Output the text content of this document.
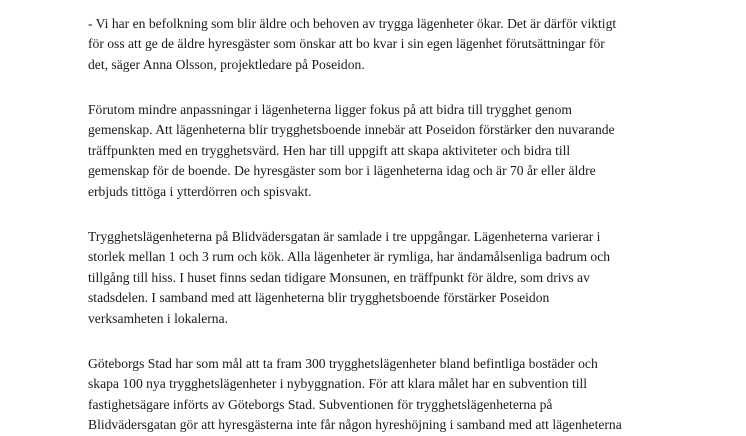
- Vi har en befolkning som blir äldre och behoven av trygga lägenheter ökar. Det är därför viktigt
för oss att ge de äldre hyresgäster som önskar att bo kvar i sin egen lägenhet förutsättningar för
det, säger Anna Olsson, projektledare på Poseidon.

Förutom mindre anpassningar i lägenheterna ligger fokus på att bidra till trygghet genom
gemenskap. Att lägenheterna blir trygghetsboende innebär att Poseidon förstärker den nuvarande
träffpunkten med en trygghetsvärd. Hen har till uppgift att skapa aktiviteter och bidra till
gemenskap för de boende. De hyresgäster som bor i lägenheterna idag och är 70 år eller äldre
erbjuds tittöga i ytterdörren och spisvakt.

Trygghetslägenheterna på Blidvädersgatan är samlade i tre uppgångar. Lägenheterna varierar i
storlek mellan 1 och 3 rum och kök. Alla lägenheter är rymliga, har ändamålsenliga badrum och
tillgång till hiss. I huset finns sedan tidigare Monsunen, en träffpunkt för äldre, som drivs av
stadsdelen. I samband med att lägenheterna blir trygghetsboende förstärker Poseidon
verksamheten i lokalerna.

Göteborgs Stad har som mål att ta fram 300 trygghetslägenheter bland befintliga bostäder och
skapa 100 nya trygghetslägenheter i nybyggnation. För att klara målet har en subvention till
fastighetsägare införts av Göteborgs Stad. Subventionen för trygghetslägenheterna på
Blidvädersgatan gör att hyresgästerna inte får någon hyreshöjning i samband med att lägenheterna
